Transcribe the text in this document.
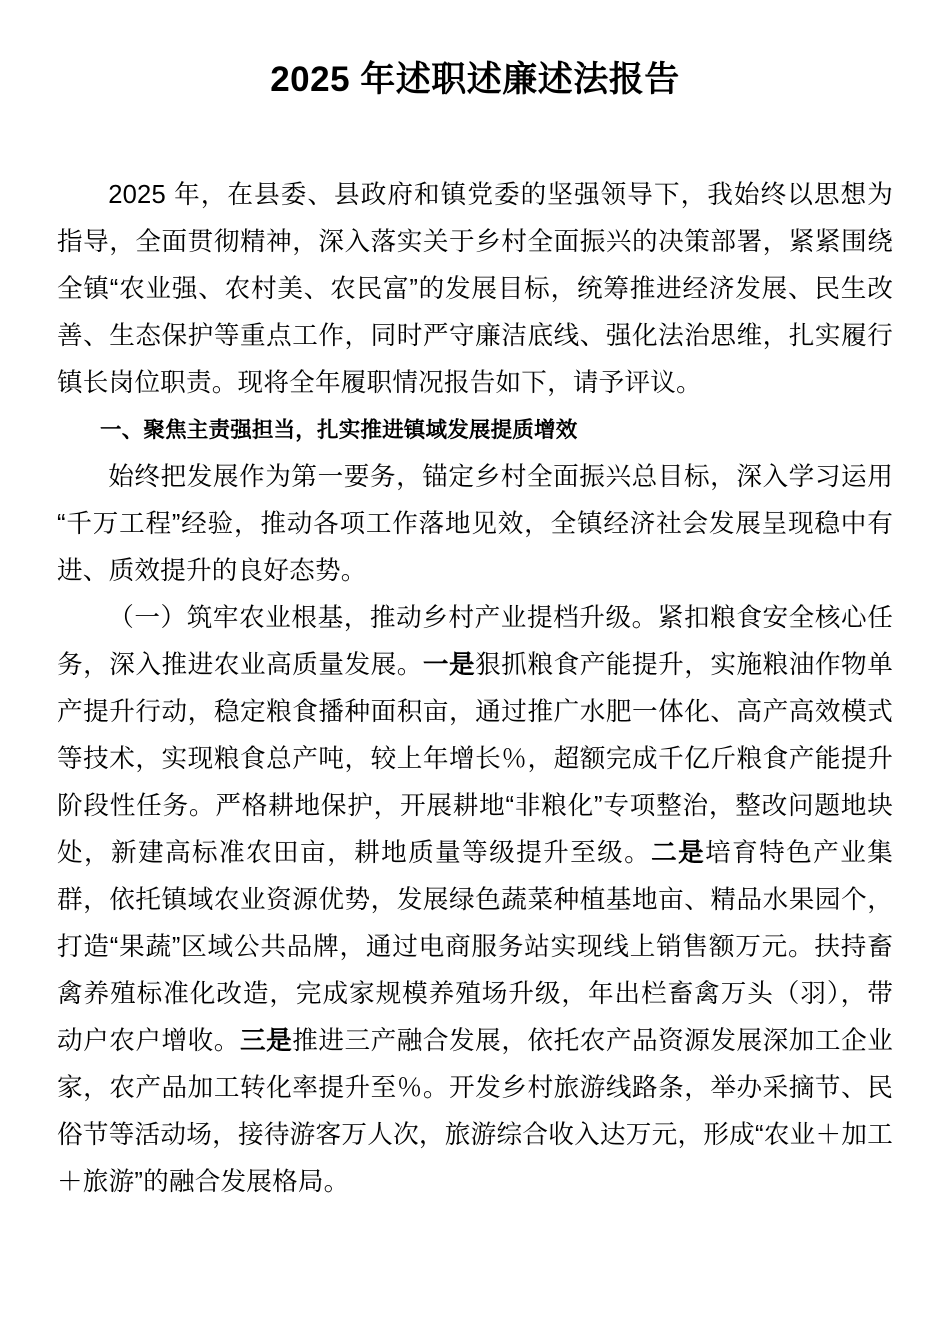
2025 年述职述廉述法报告

2025 年，在县委、县政府和镇党委的坚强领导下，我始终以思想为指导，全面贯彻精神，深入落实关于乡村全面振兴的决策部署，紧紧围绕全镇“农业强、农村美、农民富”的发展目标，统筹推进经济发展、民生改善、生态保护等重点工作，同时严守廉洁底线、强化法治思维，扎实履行镇长岗位职责。现将全年履职情况报告如下，请予评议。

一、聚焦主责强担当，扎实推进镇域发展提质增效

始终把发展作为第一要务，锚定乡村全面振兴总目标，深入学习运用“千万工程”经验，推动各项工作落地见效，全镇经济社会发展呈现稳中有进、质效提升的良好态势。

（一）筑牢农业根基，推动乡村产业提档升级。紧扣粮食安全核心任务，深入推进农业高质量发展。一是狠抓粮食产能提升，实施粮油作物单产提升行动，稳定粮食播种面积亩，通过推广水肥一体化、高产高效模式等技术，实现粮食总产吨，较上年增长％，超额完成千亿斤粮食产能提升阶段性任务。严格耕地保护，开展耕地“非粮化”专项整治，整改问题地块处，新建高标准农田亩，耕地质量等级提升至级。二是培育特色产业集群，依托镇域农业资源优势，发展绿色蔬菜种植基地亩、精品水果园个，打造“果蔬”区域公共品牌，通过电商服务站实现线上销售额万元。扶持畜禽养殖标准化改造，完成家规模养殖场升级，年出栏畜禽万头（羽），带动户农户增收。三是推进三产融合发展，依托农产品资源发展深加工企业家，农产品加工转化率提升至％。开发乡村旅游线路条，举办采摘节、民俗节等活动场，接待游客万人次，旅游综合收入达万元，形成“农业＋加工＋旅游”的融合发展格局。
